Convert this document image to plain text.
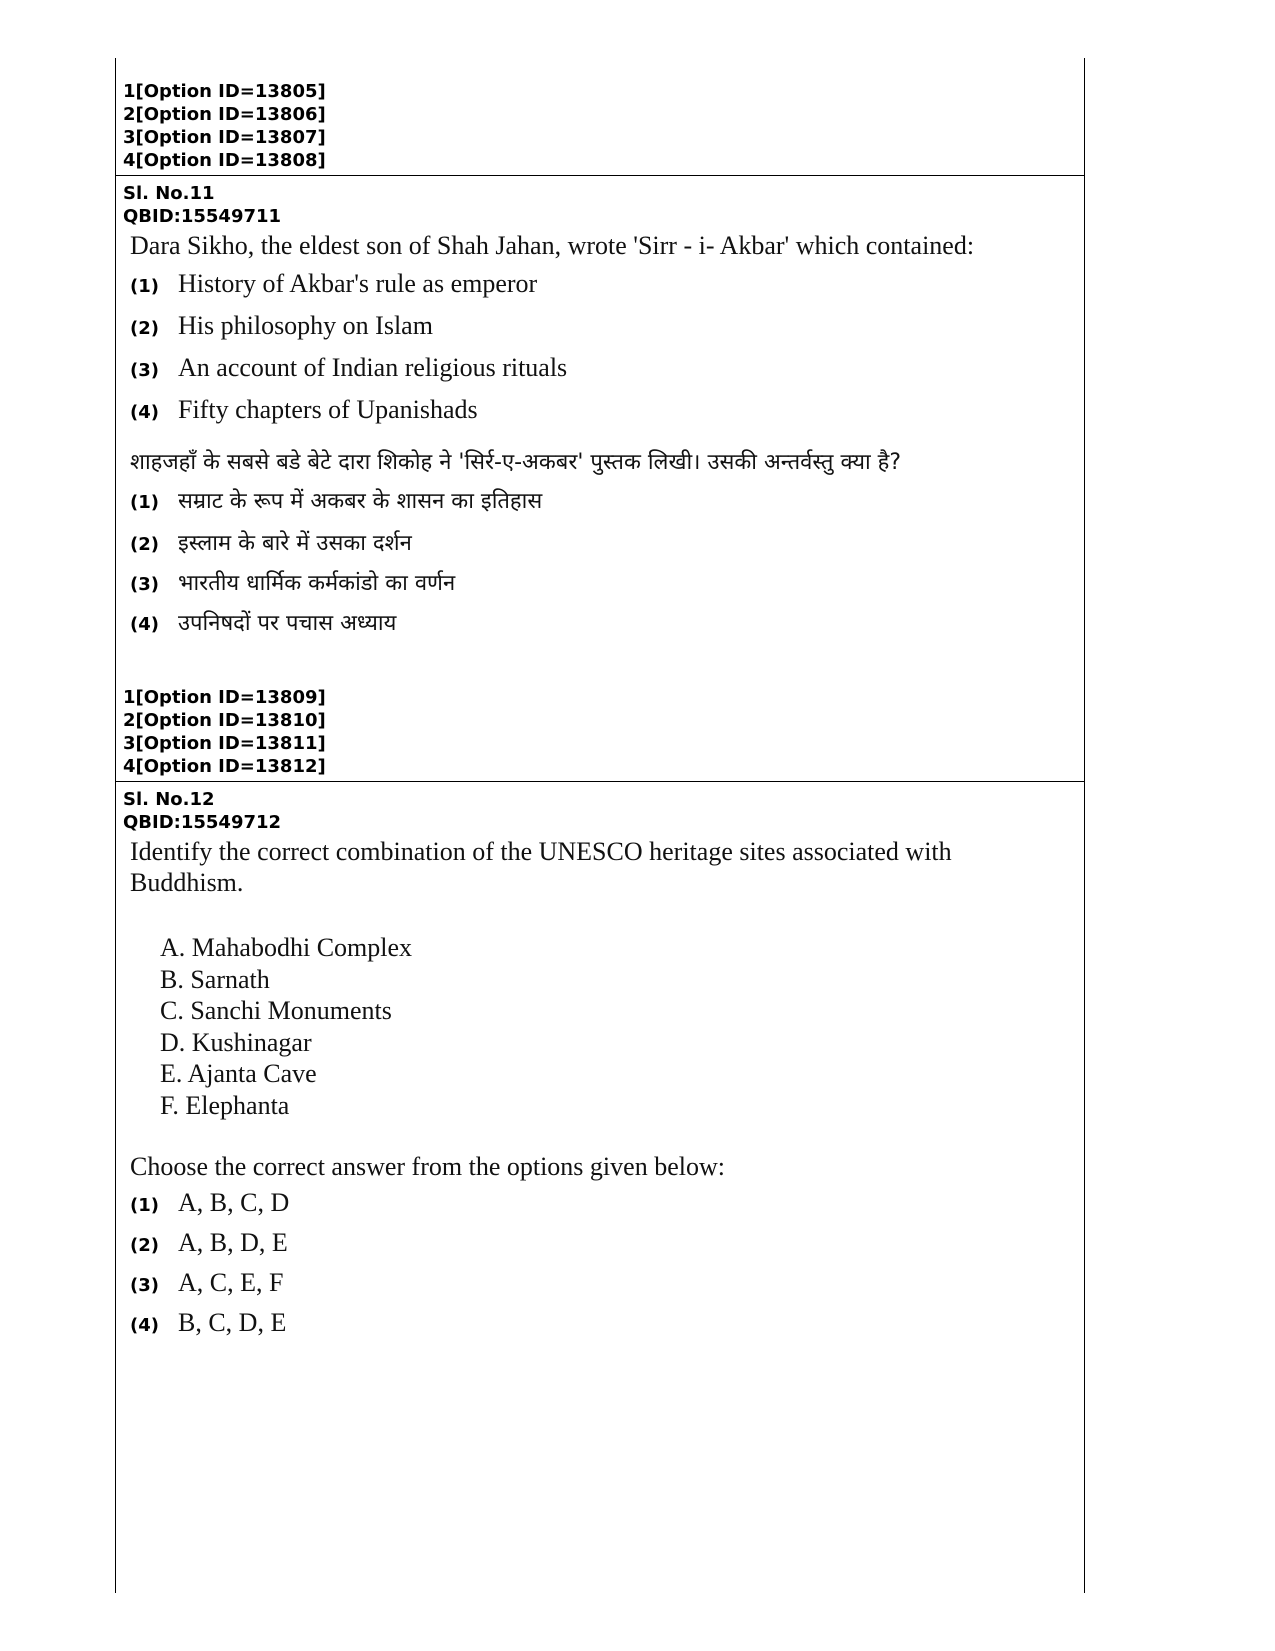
1[Option ID=13805]
2[Option ID=13806]
3[Option ID=13807]
4[Option ID=13808]
Sl. No.11
QBID:15549711
Dara Sikho, the eldest son of Shah Jahan, wrote 'Sirr - i- Akbar' which contained:
(1) History of Akbar's rule as emperor
(2) His philosophy on Islam
(3) An account of Indian religious rituals
(4) Fifty chapters of Upanishads
शाहजहाँ के सबसे बडे बेटे दारा शिकोह ने 'सिर्र-ए-अकबर' पुस्तक लिखी। उसकी अन्तर्वस्तु क्या है?
(1) सम्राट के रूप में अकबर के शासन का इतिहास
(2) इस्लाम के बारे में उसका दर्शन
(3) भारतीय धार्मिक कर्मकांडो का वर्णन
(4) उपनिषदों पर पचास अध्याय
1[Option ID=13809]
2[Option ID=13810]
3[Option ID=13811]
4[Option ID=13812]
Sl. No.12
QBID:15549712
Identify the correct combination of the UNESCO heritage sites associated with Buddhism.
A. Mahabodhi Complex
B. Sarnath
C. Sanchi Monuments
D. Kushinagar
E. Ajanta Cave
F. Elephanta
Choose the correct answer from the options given below:
(1) A, B, C, D
(2) A, B, D, E
(3) A, C, E, F
(4) B, C, D, E
